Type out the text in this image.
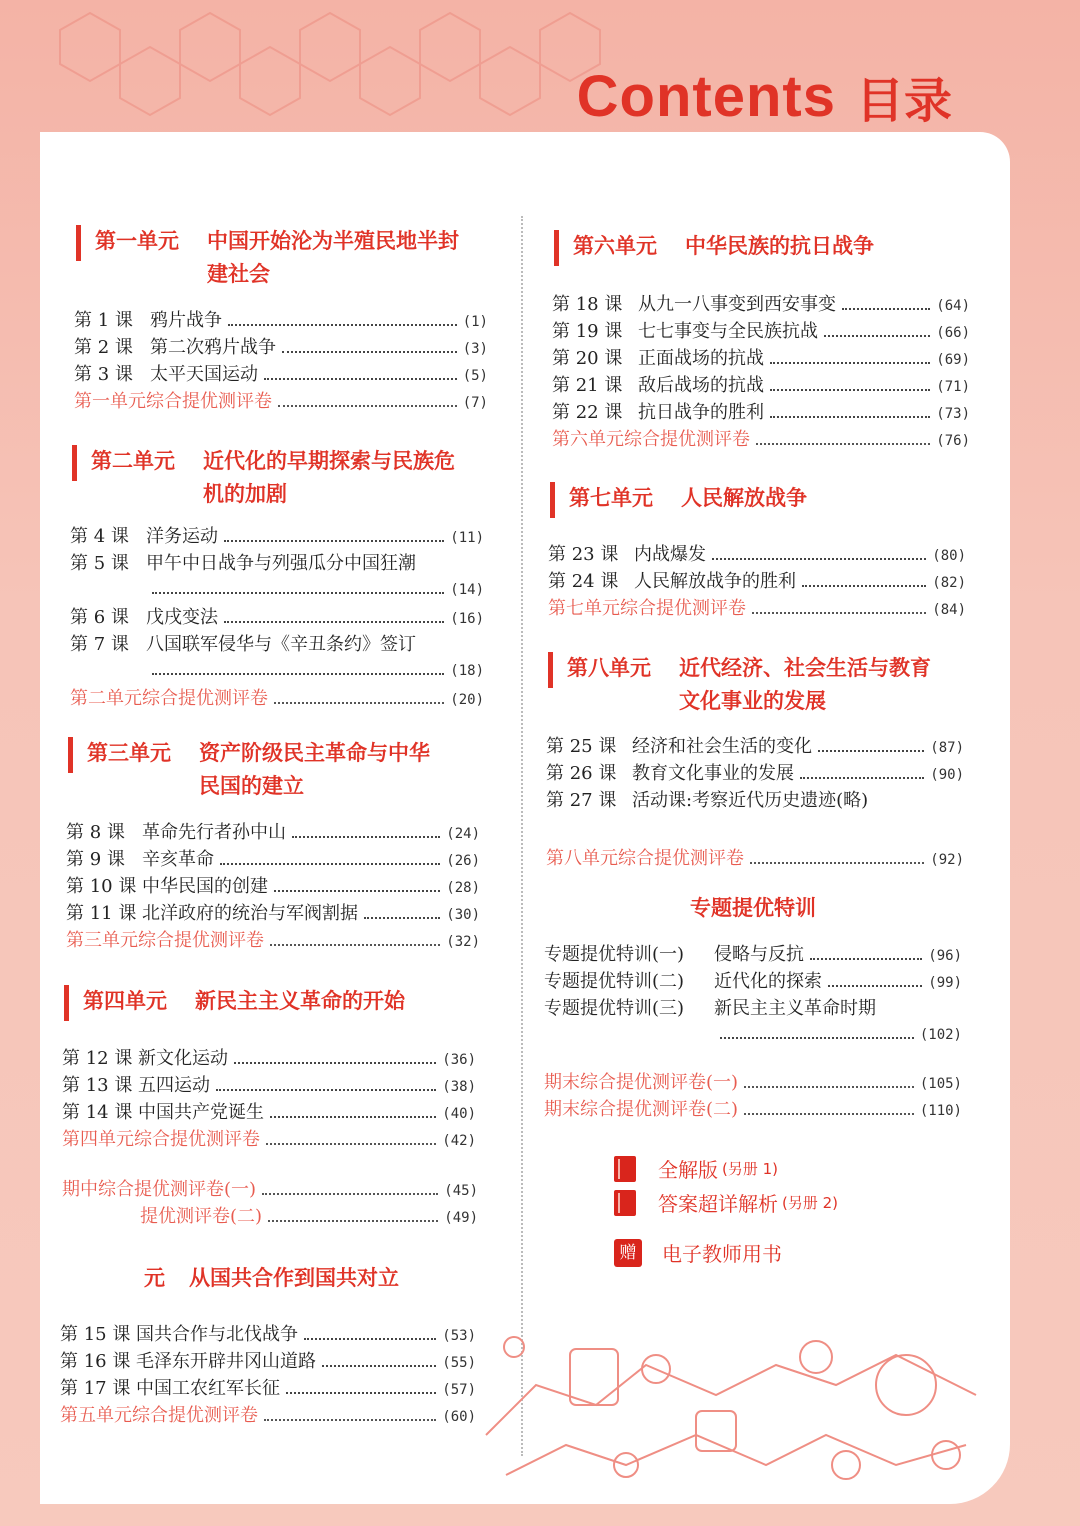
Contents 目录
第一单元 中国开始沦为半殖民地半封
建社会
第 1 课 鸦片战争	(1)
第 2 课 第二次鸦片战争	(3)
第 3 课 太平天国运动	(5)
第一单元综合提优测评卷	(7)
第二单元 近代化的早期探索与民族危
机的加剧
第 4 课 洋务运动	(11)
第 5 课 甲午中日战争与列强瓜分中国狂潮
(14)
第 6 课 戊戌变法	(16)
第 7 课 八国联军侵华与《辛丑条约》签订
(18)
第二单元综合提优测评卷	(20)
第三单元 资产阶级民主革命与中华
民国的建立
第 8 课 革命先行者孙中山	(24)
第 9 课 辛亥革命	(26)
第 10 课 中华民国的创建	(28)
第 11 课 北洋政府的统治与军阀割据	(30)
第三单元综合提优测评卷	(32)
第四单元 新民主主义革命的开始
第 12 课 新文化运动	(36)
第 13 课 五四运动	(38)
第 14 课 中国共产党诞生	(40)
第四单元综合提优测评卷	(42)
期中综合提优测评卷(一)	(45)
提优测评卷(二)	(49)
元 从国共合作到国共对立
第 15 课 国共合作与北伐战争	(53)
第 16 课 毛泽东开辟井冈山道路	(55)
第 17 课 中国工农红军长征	(57)
第五单元综合提优测评卷	(60)
第六单元 中华民族的抗日战争
第 18 课 从九一八事变到西安事变	(64)
第 19 课 七七事变与全民族抗战	(66)
第 20 课 正面战场的抗战	(69)
第 21 课 敌后战场的抗战	(71)
第 22 课 抗日战争的胜利	(73)
第六单元综合提优测评卷	(76)
第七单元 人民解放战争
第 23 课 内战爆发	(80)
第 24 课 人民解放战争的胜利	(82)
第七单元综合提优测评卷	(84)
第八单元 近代经济、社会生活与教育
文化事业的发展
第 25 课 经济和社会生活的变化	(87)
第 26 课 教育文化事业的发展	(90)
第 27 课 活动课:考察近代历史遗迹(略)
第八单元综合提优测评卷	(92)
专题提优特训
专题提优特训(一)	侵略与反抗	(96)
专题提优特训(二)	近代化的探索	(99)
专题提优特训(三)	新民主主义革命时期
(102)
期末综合提优测评卷(一)	(105)
期末综合提优测评卷(二)	(110)
全解版 (另册 1)
答案超详解析 (另册 2)
赠 电子教师用书
